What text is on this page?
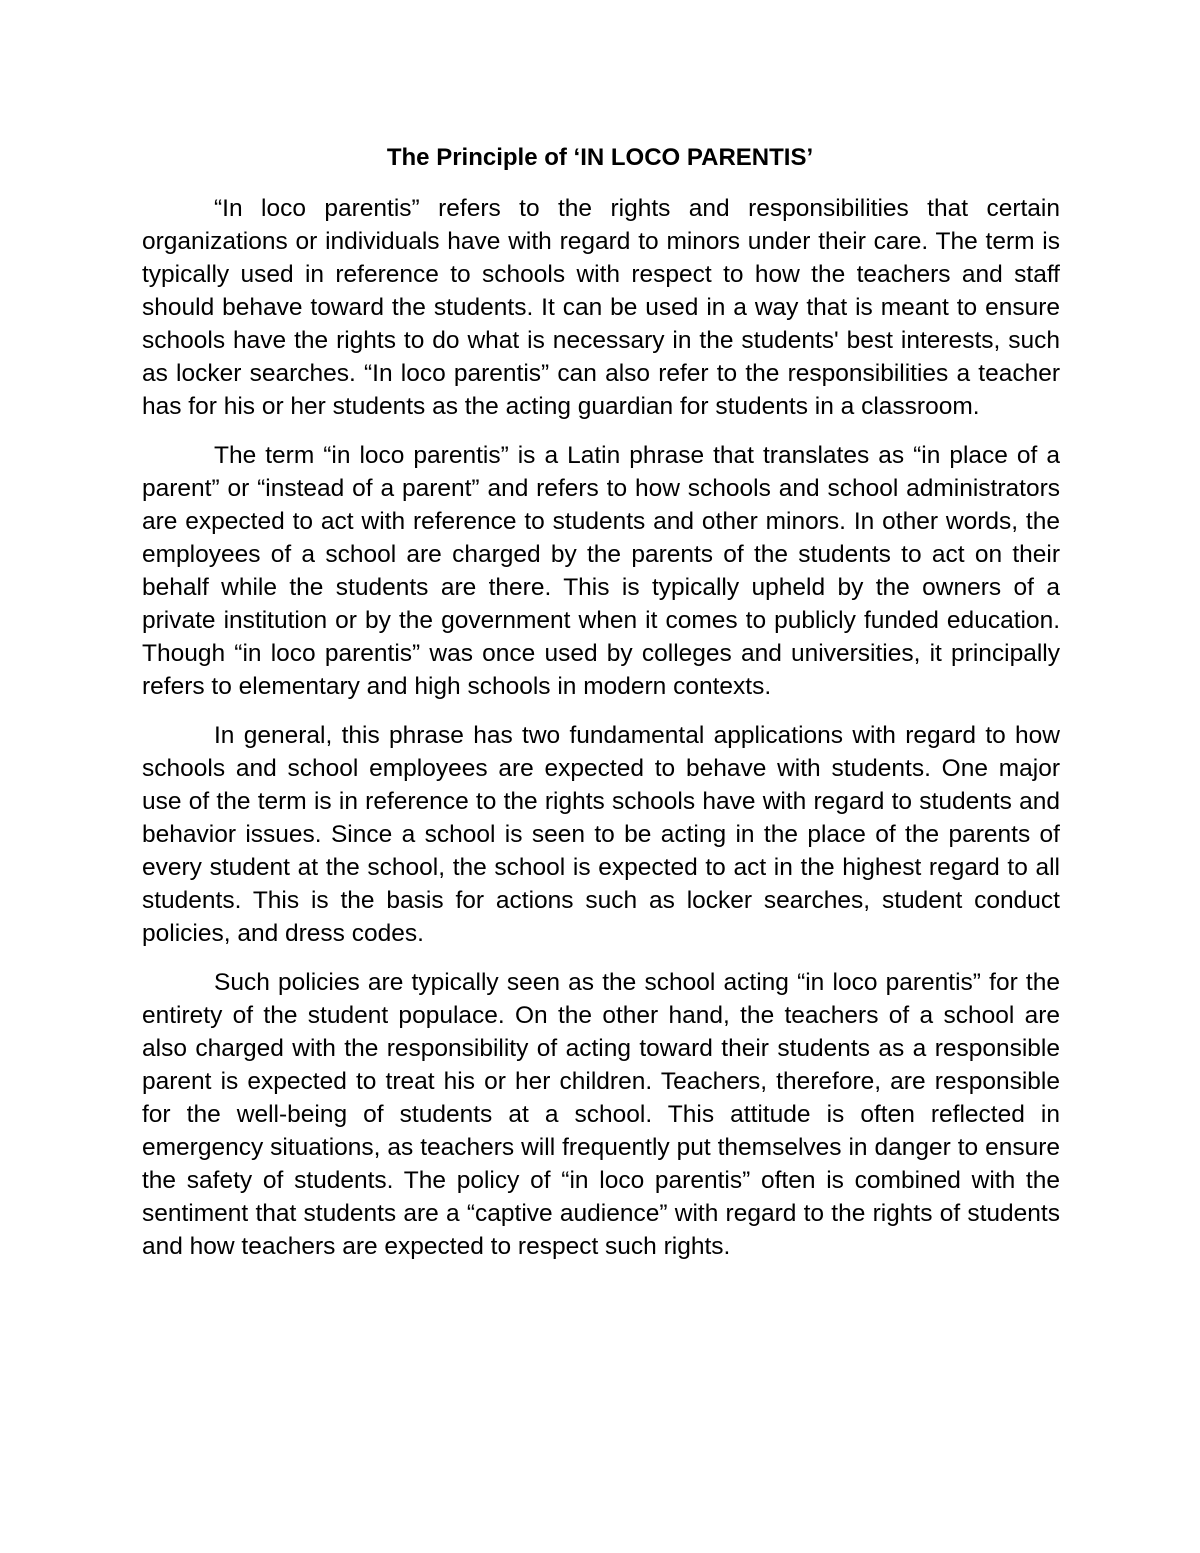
The Principle of ‘IN LOCO PARENTIS’

“In loco parentis” refers to the rights and responsibilities that certain organizations or individuals have with regard to minors under their care. The term is typically used in reference to schools with respect to how the teachers and staff should behave toward the students. It can be used in a way that is meant to ensure schools have the rights to do what is necessary in the students' best interests, such as locker searches. “In loco parentis” can also refer to the responsibilities a teacher has for his or her students as the acting guardian for students in a classroom.

The term “in loco parentis” is a Latin phrase that translates as “in place of a parent” or “instead of a parent” and refers to how schools and school administrators are expected to act with reference to students and other minors. In other words, the employees of a school are charged by the parents of the students to act on their behalf while the students are there. This is typically upheld by the owners of a private institution or by the government when it comes to publicly funded education. Though “in loco parentis” was once used by colleges and universities, it principally refers to elementary and high schools in modern contexts.

In general, this phrase has two fundamental applications with regard to how schools and school employees are expected to behave with students. One major use of the term is in reference to the rights schools have with regard to students and behavior issues. Since a school is seen to be acting in the place of the parents of every student at the school, the school is expected to act in the highest regard to all students. This is the basis for actions such as locker searches, student conduct policies, and dress codes.

Such policies are typically seen as the school acting “in loco parentis” for the entirety of the student populace. On the other hand, the teachers of a school are also charged with the responsibility of acting toward their students as a responsible parent is expected to treat his or her children. Teachers, therefore, are responsible for the well-being of students at a school. This attitude is often reflected in emergency situations, as teachers will frequently put themselves in danger to ensure the safety of students. The policy of “in loco parentis” often is combined with the sentiment that students are a “captive audience” with regard to the rights of students and how teachers are expected to respect such rights.
